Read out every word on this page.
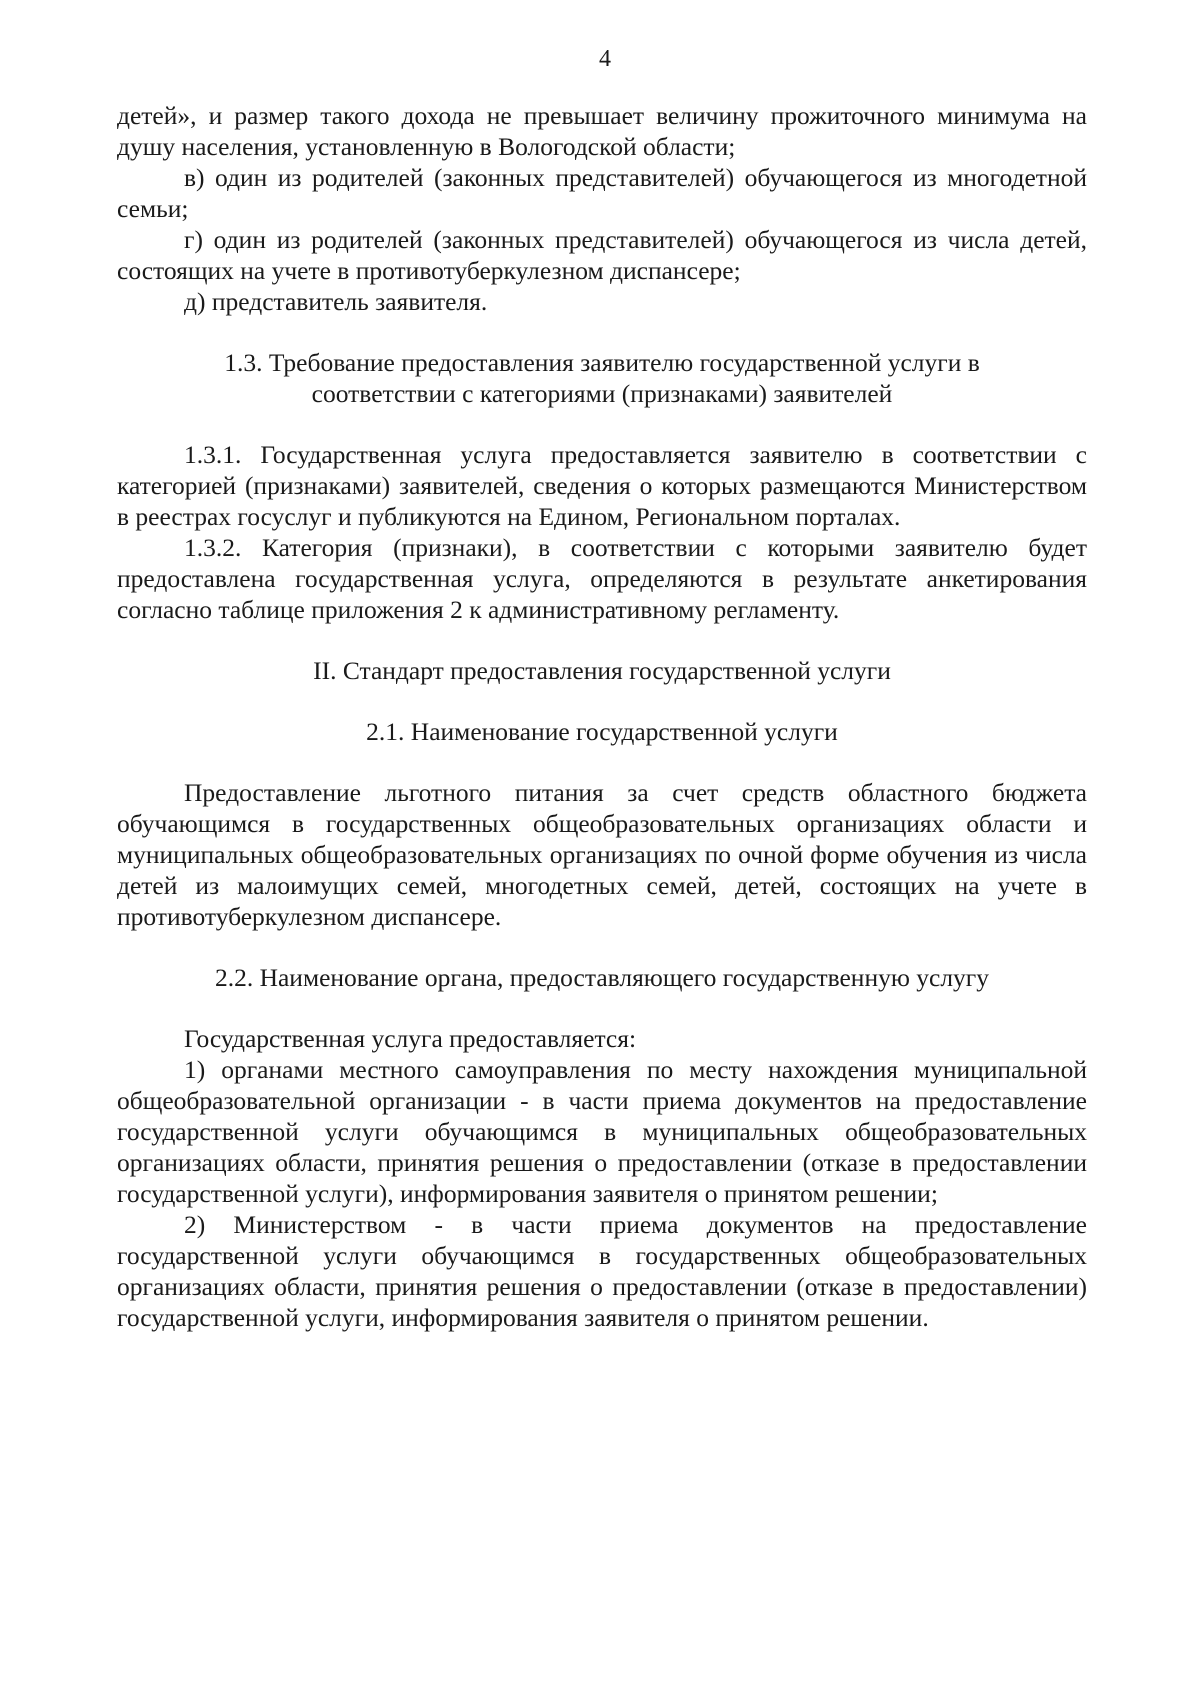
4

детей», и размер такого дохода не превышает величину прожиточного минимума на душу населения, установленную в Вологодской области;

в) один из родителей (законных представителей) обучающегося из многодетной семьи;

г) один из родителей (законных представителей) обучающегося из числа детей, состоящих на учете в противотуберкулезном диспансере;

д) представитель заявителя.

1.3. Требование предоставления заявителю государственной услуги в
соответствии с категориями (признаками) заявителей

1.3.1. Государственная услуга предоставляется заявителю в соответствии с категорией (признаками) заявителей, сведения о которых размещаются Министерством в реестрах госуслуг и публикуются на Едином, Региональном порталах.

1.3.2. Категория (признаки), в соответствии с которыми заявителю будет предоставлена государственная услуга, определяются в результате анкетирования согласно таблице приложения 2 к административному регламенту.

II. Стандарт предоставления государственной услуги

2.1. Наименование государственной услуги

Предоставление льготного питания за счет средств областного бюджета обучающимся в государственных общеобразовательных организациях области и муниципальных общеобразовательных организациях по очной форме обучения из числа детей из малоимущих семей, многодетных семей, детей, состоящих на учете в противотуберкулезном диспансере.

2.2. Наименование органа, предоставляющего государственную услугу

Государственная услуга предоставляется:

1) органами местного самоуправления по месту нахождения муниципальной общеобразовательной организации - в части приема документов на предоставление государственной услуги обучающимся в муниципальных общеобразовательных организациях области, принятия решения о предоставлении (отказе в предоставлении государственной услуги), информирования заявителя о принятом решении;

2) Министерством - в части приема документов на предоставление государственной услуги обучающимся в государственных общеобразовательных организациях области, принятия решения о предоставлении (отказе в предоставлении) государственной услуги, информирования заявителя о принятом решении.
